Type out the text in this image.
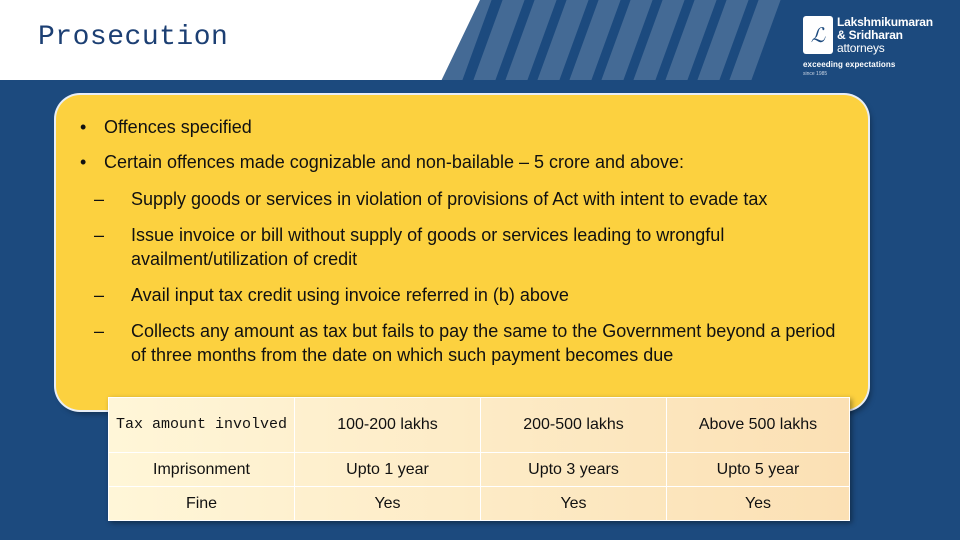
Prosecution	ℒ
Lakshmikumaran
& Sridharan
attorneys
exceeding expectations
since 1985
• Offences specified
• Certain offences made cognizable and non-bailable – 5 crore and above:
– Supply goods or services in violation of provisions of Act with intent to evade tax
– Issue invoice or bill without supply of goods or services leading to wrongful availment/utilization of credit
– Avail input tax credit using invoice referred in (b) above
– Collects any amount as tax but fails to pay the same to the Government beyond a period of three months from the date on which such payment becomes due
Tax amount involved	100-200 lakhs	200-500 lakhs	Above 500 lakhs
Imprisonment	Upto 1 year	Upto 3 years	Upto 5 year
Fine	Yes	Yes	Yes
